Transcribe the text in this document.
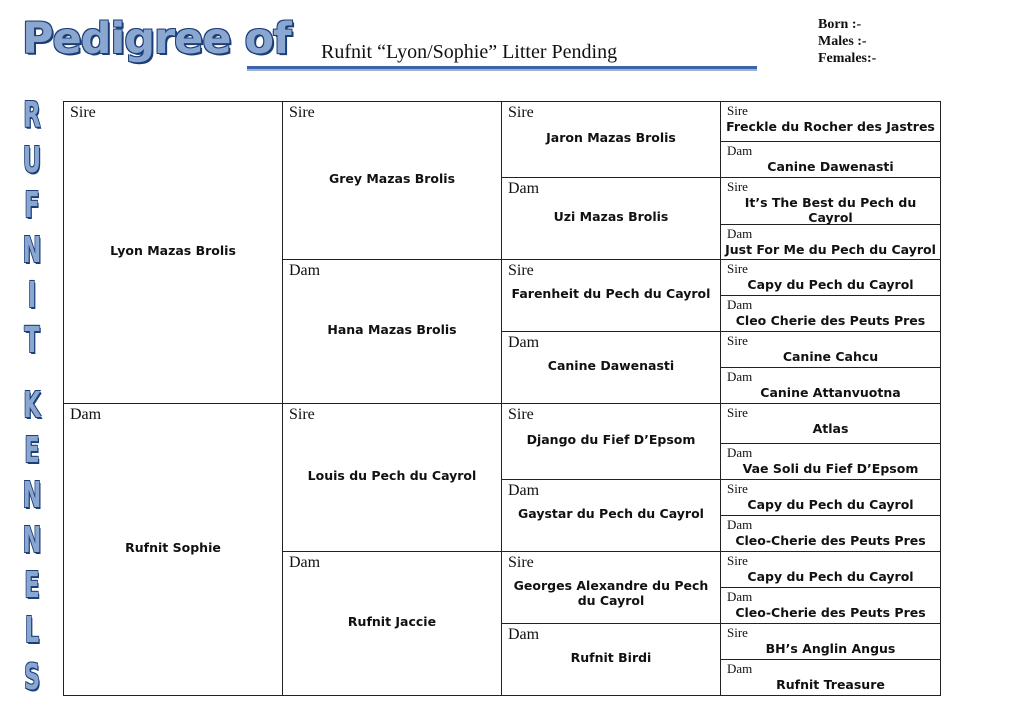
Pedigree of Rufnit “Lyon/Sophie” Litter Pending
Born :-
Males :-
Females:-
R
U
F
N
I
T
K
E
N
N
E
L
S
Sire
Lyon Mazas Brolis
Dam
Rufnit Sophie
Sire
Grey Mazas Brolis
Dam
Hana Mazas Brolis
Sire
Louis du Pech du Cayrol
Dam
Rufnit Jaccie
Sire
Jaron Mazas Brolis
Dam
Uzi Mazas Brolis
Sire
Farenheit du Pech du Cayrol
Dam
Canine Dawenasti
Sire
Django du Fief D’Epsom
Dam
Gaystar du Pech du Cayrol
Sire
Georges Alexandre du Pech du Cayrol
Dam
Rufnit Birdi
Sire
Freckle du Rocher des Jastres
Dam
Canine Dawenasti
Sire
It’s The Best du Pech du Cayrol
Dam
Just For Me du Pech du Cayrol
Sire
Capy du Pech du Cayrol
Dam
Cleo Cherie des Peuts Pres
Sire
Canine Cahcu
Dam
Canine Attanvuotna
Sire
Atlas
Dam
Vae Soli du Fief D’Epsom
Sire
Capy du Pech du Cayrol
Dam
Cleo-Cherie des Peuts Pres
Sire
Capy du Pech du Cayrol
Dam
Cleo-Cherie des Peuts Pres
Sire
BH’s Anglin Angus
Dam
Rufnit Treasure
